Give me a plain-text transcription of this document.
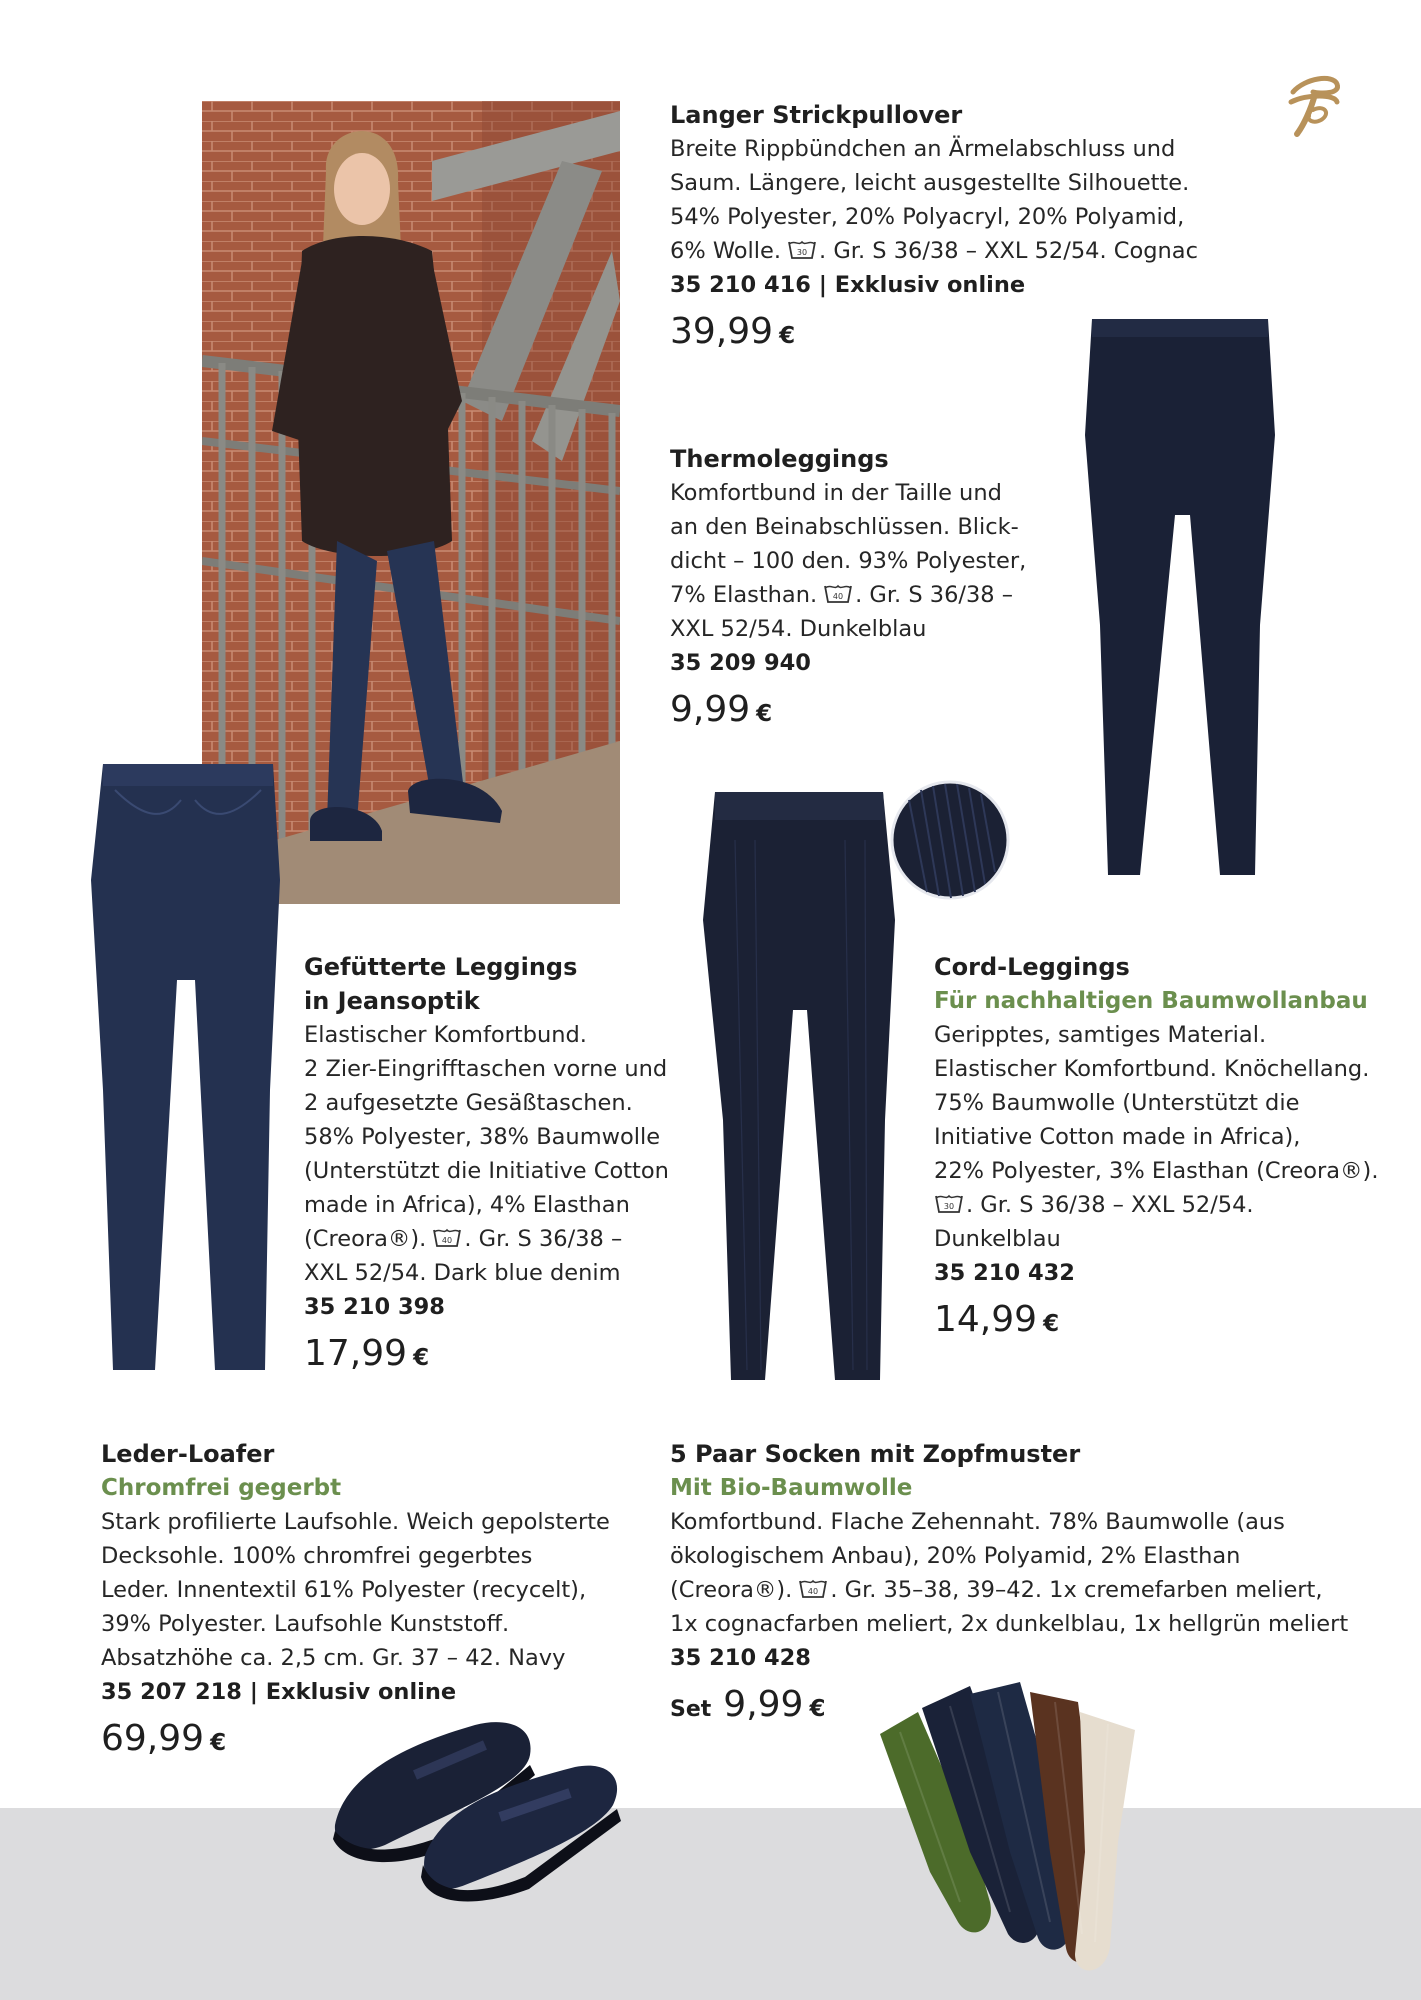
Langer Strickpullover

Breite Rippbündchen an Ärmelabschluss und
Saum. Längere, leicht ausgestellte Silhouette.
54% Polyester, 20% Polyacryl, 20% Polyamid,
6% Wolle. 30 . Gr. S 36/38 – XXL 52/54. Cognac

35 210 416 | Exklusiv online
39,99 €
Thermoleggings

Komfortbund in der Taille und
an den Beinabschlüssen. Blick-
dicht – 100 den. 93% Polyester,
7% Elasthan. 40 . Gr. S 36/38 –
XXL 52/54. Dunkelblau

35 209 940
9,99 €
Gefütterte Leggings
in Jeansoptik

Elastischer Komfortbund.
2 Zier-Eingrifftaschen vorne und
2 aufgesetzte Gesäßtaschen.
58% Polyester, 38% Baumwolle
(Unterstützt die Initiative Cotton
made in Africa), 4% Elasthan
(Creora®). 40 . Gr. S 36/38 –
XXL 52/54. Dark blue denim

35 210 398
17,99 €
Cord-Leggings
Für nachhaltigen Baumwollanbau

Geripptes, samtiges Material.
Elastischer Komfortbund. Knöchellang.
75% Baumwolle (Unterstützt die
Initiative Cotton made in Africa),
22% Polyester, 3% Elasthan (Creora®).

30 . Gr. S 36/38 – XXL 52/54.
Dunkelblau

35 210 432
14,99 €
Leder-Loafer
Chromfrei gegerbt

Stark profilierte Laufsohle. Weich gepolsterte
Decksohle. 100% chromfrei gegerbtes
Leder. Innentextil 61% Polyester (recycelt),
39% Polyester. Laufsohle Kunststoff.
Absatzhöhe ca. 2,5 cm. Gr. 37 – 42. Navy

35 207 218 | Exklusiv online
69,99 €
5 Paar Socken mit Zopfmuster
Mit Bio-Baumwolle

Komfortbund. Flache Zehennaht. 78% Baumwolle (aus
ökologischem Anbau), 20% Polyamid, 2% Elasthan
(Creora®). 40 . Gr. 35–38, 39–42. 1x cremefarben meliert,
1x cognacfarben meliert, 2x dunkelblau, 1x hellgrün meliert

35 210 428
Set 9,99 €
